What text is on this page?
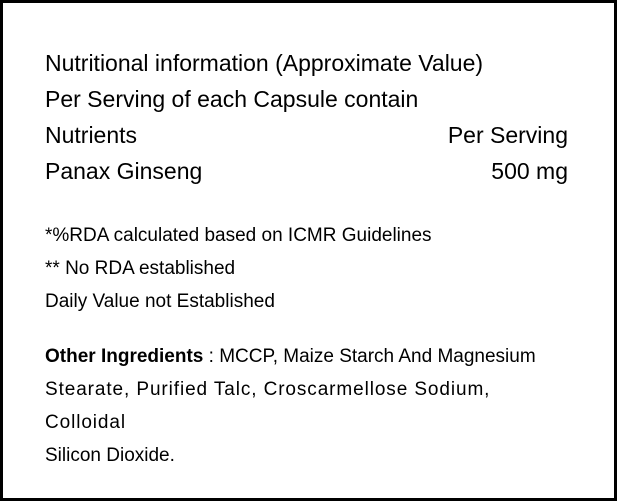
Nutritional information (Approximate Value)
Per Serving of each Capsule contain
Nutrients	Per Serving
Panax Ginseng	500 mg
*%RDA calculated based on ICMR Guidelines
** No RDA established
Daily Value not Established
Other Ingredients : MCCP, Maize Starch And Magnesium
Stearate, Purified Talc, Croscarmellose Sodium, Colloidal
Silicon Dioxide.
